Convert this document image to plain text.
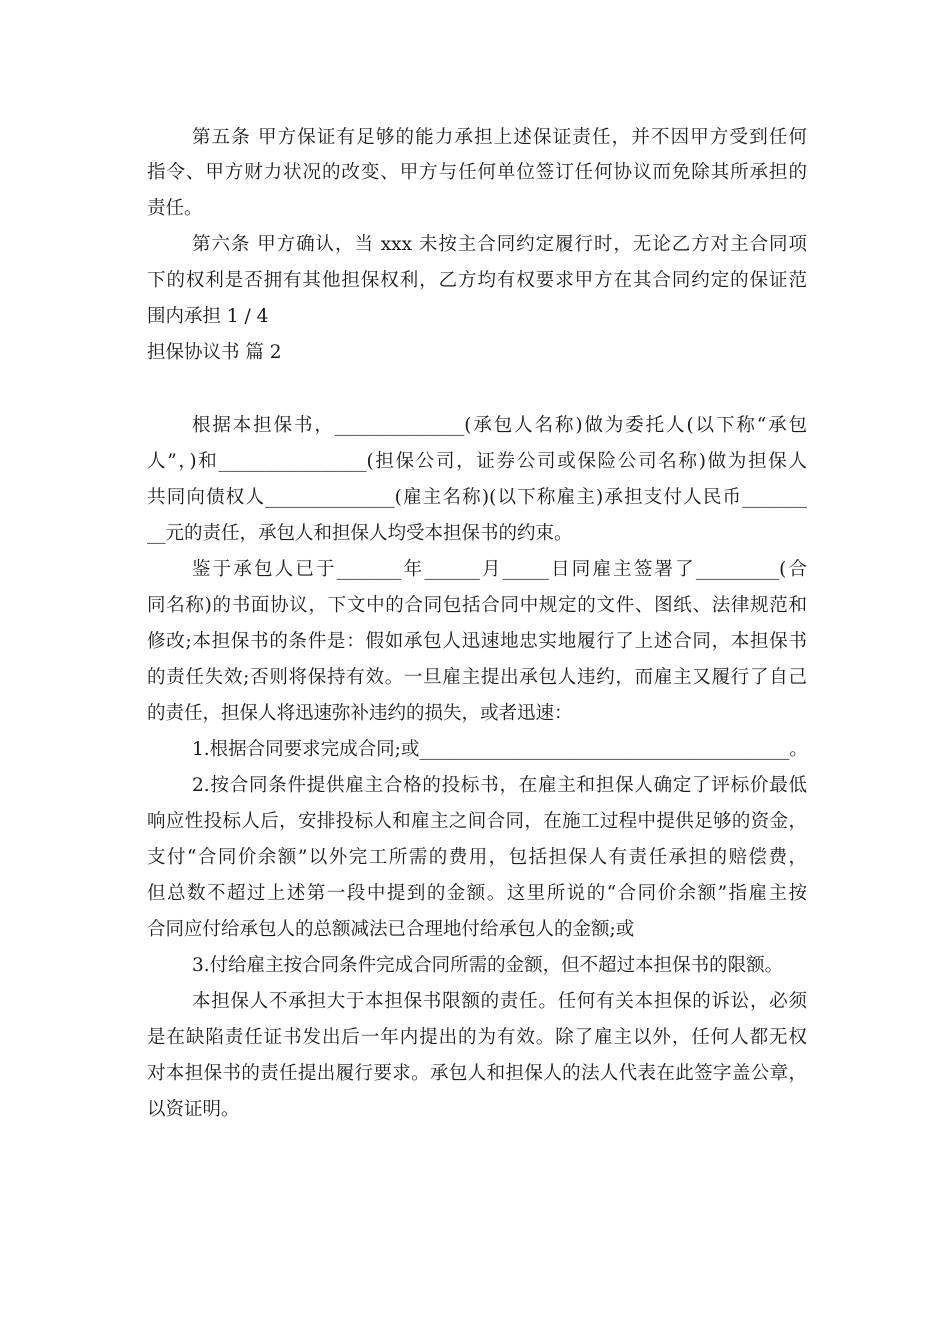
第五条 甲方保证有足够的能力承担上述保证责任，并不因甲方受到任何
指令、甲方财力状况的改变、甲方与任何单位签订任何协议而免除其所承担的
责任。
第六条 甲方确认，当 xxx 未按主合同约定履行时，无论乙方对主合同项
下的权利是否拥有其他担保权利，乙方均有权要求甲方在其合同约定的保证范
围内承担 1 / 4
担保协议书 篇 2
根据本担保书，______________(承包人名称)做为委托人(以下称“承包
人”，)和________________(担保公司，证券公司或保险公司名称)做为担保人
共同向债权人______________(雇主名称)(以下称雇主)承担支付人民币_______
__元的责任，承包人和担保人均受本担保书的约束。
鉴于承包人已于_______年______月_____日同雇主签署了_________(合
同名称)的书面协议，下文中的合同包括合同中规定的文件、图纸、法律规范和
修改;本担保书的条件是：假如承包人迅速地忠实地履行了上述合同，本担保书
的责任失效;否则将保持有效。一旦雇主提出承包人违约，而雇主又履行了自己
的责任，担保人将迅速弥补违约的损失，或者迅速：
1.根据合同要求完成合同;或________________________________________。
2.按合同条件提供雇主合格的投标书，在雇主和担保人确定了评标价最低
响应性投标人后，安排投标人和雇主之间合同，在施工过程中提供足够的资金，
支付“合同价余额”以外完工所需的费用，包括担保人有责任承担的赔偿费，
但总数不超过上述第一段中提到的金额。这里所说的“合同价余额”指雇主按
合同应付给承包人的总额减法已合理地付给承包人的金额;或
3.付给雇主按合同条件完成合同所需的金额，但不超过本担保书的限额。
本担保人不承担大于本担保书限额的责任。任何有关本担保的诉讼，必须
是在缺陷责任证书发出后一年内提出的为有效。除了雇主以外，任何人都无权
对本担保书的责任提出履行要求。承包人和担保人的法人代表在此签字盖公章，
以资证明。
